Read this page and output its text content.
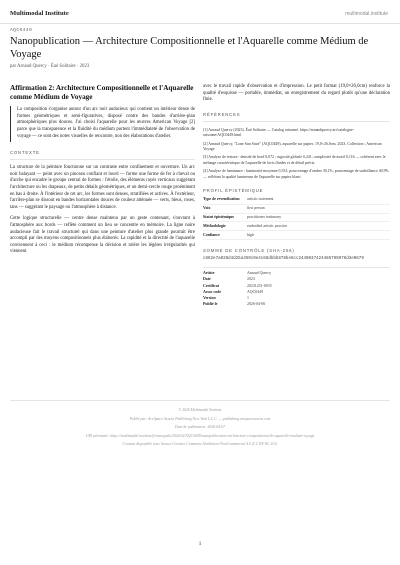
Multimodal Institute	multimodal.institute
AQC0449
Nanopublication — Architecture Compositionnelle et l'Aquarelle comme Médium de Voyage
par Arnaud Quercy · Éué Solitaire · 2023
Affirmation 2: Architecture Compositionnelle et l'Aquarelle comme Médium de Voyage
La composition s'organise autour d'un arc noir audacieux qui contient un intérieur dense de formes géométriques et semi-figuratives, disposé contre des bandes d'arrière-plan atmosphériques plus douces. J'ai choisi l'aquarelle pour les œuvres American Voyage [2] parce que la transparence et la fluidité du médium portent l'immédiateté de l'observation de voyage — ce sont des notes visuelles de rencontre, non des élaborations d'atelier.
CONTEXTE

La structure de la peinture fonctionne sur un contraste entre confinement et ouverture. Un arc noir balayant — peint avec un pinceau confiant et lourd — forme une forme de fer à cheval ou d'arche qui encadre le groupe central de formes : l'étoile, des éléments rayés verticaux suggérant l'architecture ou les drapeaux, de petits détails géométriques, et un demi-cercle rouge proéminent en bas à droite. À l'intérieur de cet arc, les formes sont denses, stratifiées et actives. À l'extérieur, l'arrière-plan se dissout en bandes horizontales douces de couleur atténuée — verts, bleus, roses, tans — suggérant le paysage ou l'atmosphère à distance.

Cette logique structurelle — centre dense maintenu par un geste contenant, s'ouvrant à l'atmosphère aux bords — reflète comment un lieu se concentre en mémoire. La ligne noire audacieuse fait le travail structurel qui dans une peinture d'atelier plus grande pourrait être accompli par des moyens compositionnels plus élaborés. La rapidité et la directité de l'aquarelle conviennent à ceci : le médium récompense la décision et tolère les légères irrégularités qui viennent

avec le travail rapide d'observation et d'impression. Le petit format (19,0×26,0cm) renforce la qualité d'esquisse — portable, immédiat, un enregistrement du regard plutôt qu'une déclaration finie.

RÉFÉRENCES

[1] Arnaud Quercy (2023). Éué Solitaire — Catalog raisonné. https://arnaudquercy.art/catalogue-raisonne/AQC0449.html

[2] Arnaud Quercy, "Lone Sun State" (AQC0449), aquarelle sur papier, 19,0×26,0cm, 2023. Collection ; American Voyage

[3] Analyse de texture : densité de bord 0,072 ; rugosité globale 0,241, complexité de motif 0,116 — cohérent avec le mélange caractéristique de l'aquarelle de lavis fluides et de détail précis.

[4] Analyse de luminance : luminosité moyenne 0,533, pourcentage d'ombre 30,1%, pourcentage de surbrillance 40,9% — reflétant la qualité lumineuse de l'aquarelle sur papier blanc.

PROFIL ÉPISTÉMIQUE
Type de revendication	artistic statement
Voix	first person
Statut épistémique	practitioner testimony
Méthodologie	embodied artistic practice
Confiance	high
SOMME DE CONTRÔLE (SHA-256)
c662e7a028d4d25a350c0e4c68dbbb878be6cc2440837424486799976d3e0679
Artiste	Arnaud Quercy
Date	2023
Certificat	20231231-0035
Assoc code	AQC0449
Version	1
Publié le	2026-04-06
© 2026 Multimodal Institute
Publié par: Art Space Acacia Publishing New York L.L.C. — publishing.artspaceacacia.com
Date de publication: 2026-04-07
URI pérennale: https://multimodal.institute/fr/nanopubs/2026/02/AQC0449/nanopublication-architecture-compositionnelle-aquarelle-medium-voyage
Contenu disponible sous licence Creative Commons Attribution-NonCommercial 4.0 (CC BY-NC 4.0).
1
